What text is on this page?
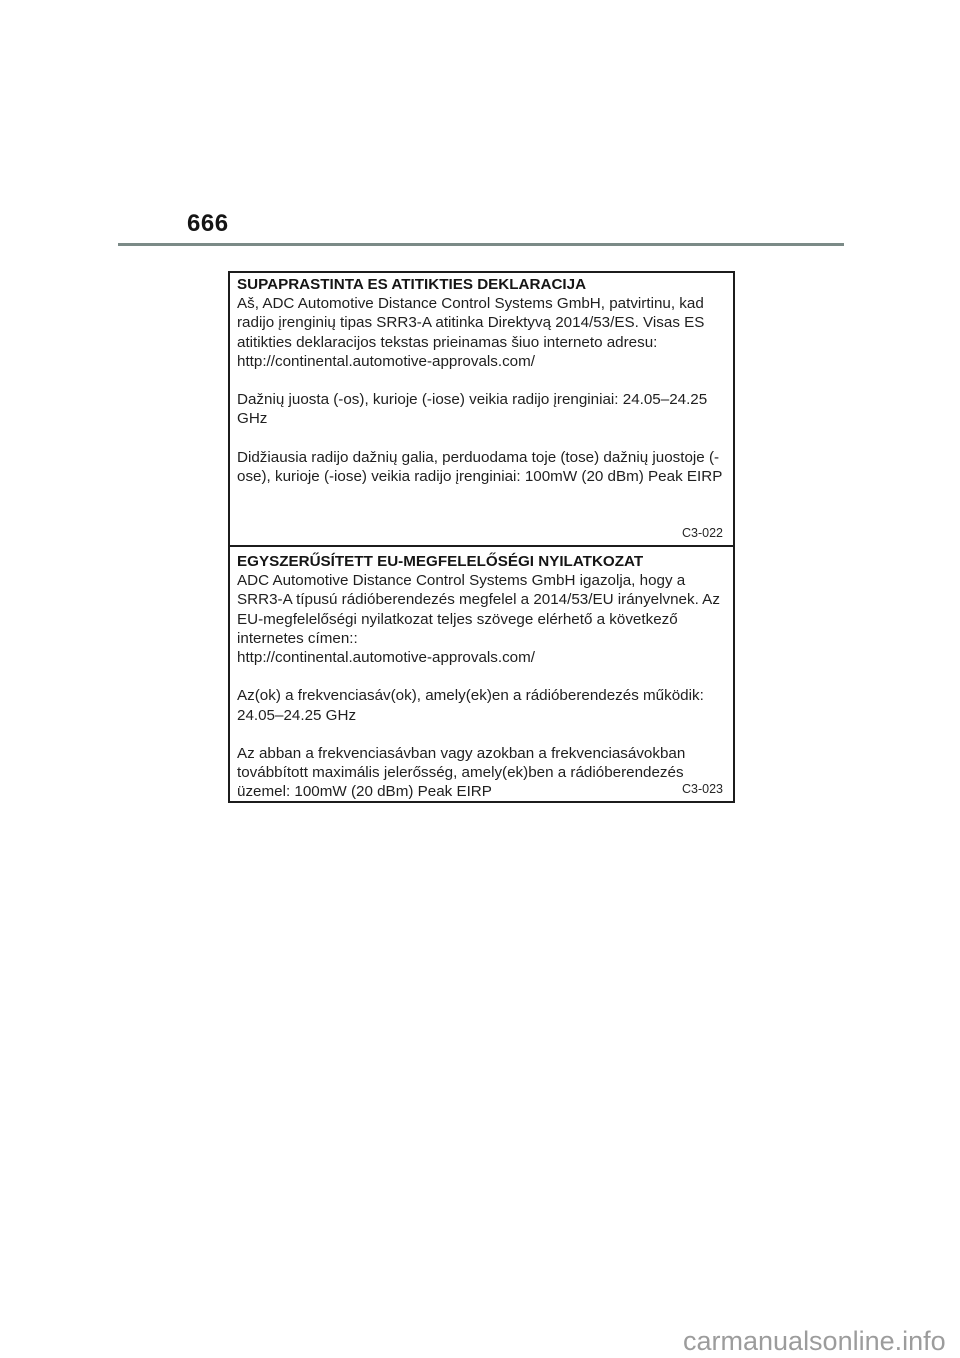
666
SUPAPRASTINTA ES ATITIKTIES DEKLARACIJA
Aš, ADC Automotive Distance Control Systems GmbH, patvirtinu, kad
radijo įrenginių tipas SRR3-A atitinka Direktyvą 2014/53/ES. Visas ES
atitikties deklaracijos tekstas prieinamas šiuo interneto adresu:
http://continental.automotive-approvals.com/
Dažnių juosta (-os), kurioje (-iose) veikia radijo įrenginiai: 24.05–24.25
GHz
Didžiausia radijo dažnių galia, perduodama toje (tose) dažnių juostoje (-
ose), kurioje (-iose) veikia radijo įrenginiai: 100mW (20 dBm) Peak EIRP
C3-022
EGYSZERŰSÍTETT EU-MEGFELELŐSÉGI NYILATKOZAT
ADC Automotive Distance Control Systems GmbH igazolja, hogy a
SRR3-A típusú rádióberendezés megfelel a 2014/53/EU irányelvnek. Az
EU-megfelelőségi nyilatkozat teljes szövege elérhető a következő
internetes címen::
http://continental.automotive-approvals.com/
Az(ok) a frekvenciasáv(ok), amely(ek)en a rádióberendezés működik:
24.05–24.25 GHz
Az abban a frekvenciasávban vagy azokban a frekvenciasávokban
továbbított maximális jelerősség, amely(ek)ben a rádióberendezés
üzemel: 100mW (20 dBm) Peak EIRP	C3-023
carmanualsonline.info
